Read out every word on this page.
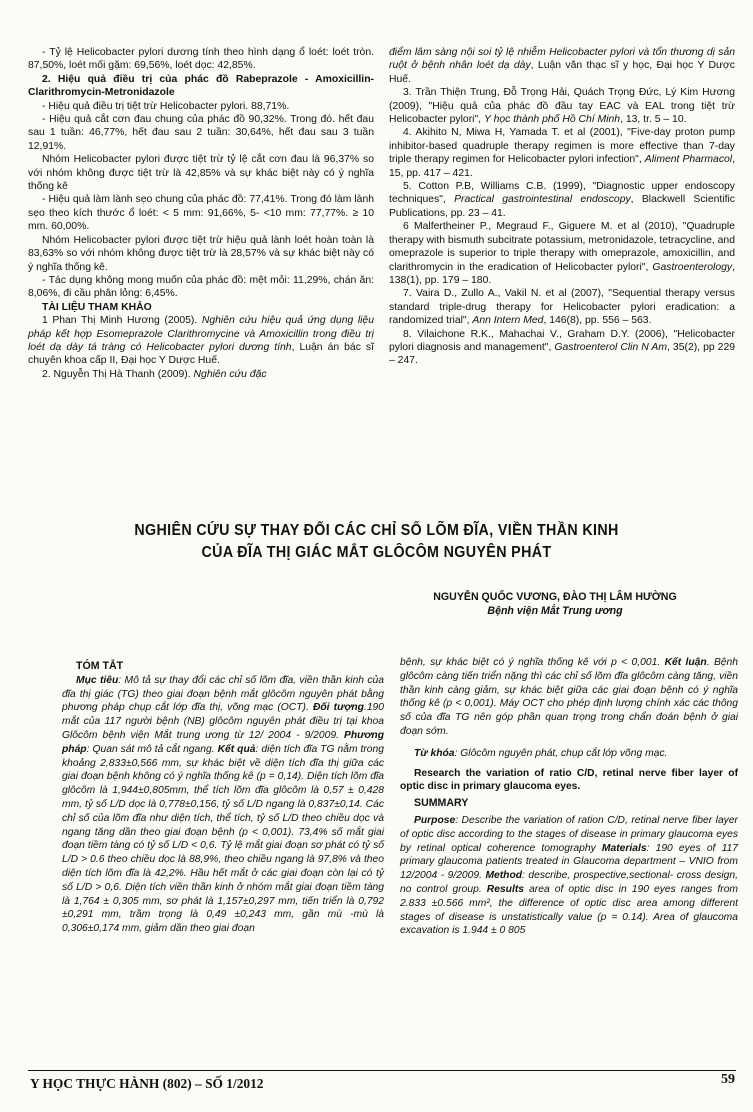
- Tỷ lệ Helicobacter pylori dương tính theo hình dạng ổ loét: loét tròn. 87,50%, loét mối gặm: 69,56%, loét dọc: 42,85%.

2. Hiệu quả điều trị của phác đồ Rabeprazole - Amoxicillin-Clarithromycin-Metronidazole

- Hiệu quả điều trị tiệt trừ Helicobacter pylori. 88,71%.

- Hiệu quả cắt cơn đau chung của phác đồ 90,32%. Trong đó. hết đau sau 1 tuần: 46,77%, hết đau sau 2 tuần: 30,64%, hết đau sau 3 tuần 12,91%.

Nhóm Helicobacter pylori được tiệt trừ tỷ lệ cắt cơn đau là 96,37% so với nhóm không được tiệt trừ là 42,85% và sự khác biệt này có ý nghĩa thống kê

- Hiệu quả làm lành sẹo chung của phác đồ: 77,41%. Trong đó làm lành sẹo theo kích thước ổ loét: < 5 mm: 91,66%, 5- <10 mm: 77,77%. ≥ 10 mm. 60,00%.

Nhóm Helicobacter pylori được tiệt trừ hiệu quả lành loét hoàn toàn là 83,63% so với nhóm không được tiệt trừ là 28,57% và sự khác biệt này có ý nghĩa thống kê.

- Tác dụng không mong muốn của phác đồ: mệt mỏi: 11,29%, chán ăn: 8,06%, đi cầu phân lỏng: 6,45%.

TÀI LIỆU THAM KHẢO

1 Phan Thị Minh Hương (2005). Nghiên cứu hiệu quả ứng dụng liệu pháp kết hợp Esomeprazole Clarithromycine và Amoxicillin trong điều trị loét dạ dày tá tràng có Helicobacter pylori dương tính, Luận án bác sĩ chuyên khoa cấp II, Đại học Y Dược Huế.

2. Nguyễn Thị Hà Thanh (2009). Nghiên cứu đặc

điểm lâm sàng nội soi tỷ lệ nhiễm Helicobacter pylori và tổn thương dị sản ruột ở bệnh nhân loét dạ dày, Luận văn thạc sĩ y học, Đại học Y Dược Huế.

3. Trần Thiện Trung, Đỗ Trọng Hải, Quách Trọng Đức, Lý Kim Hương (2009), "Hiệu quả của phác đồ đầu tay EAC và EAL trong tiệt trừ Helicobacter pylori", Y học thành phố Hồ Chí Minh, 13, tr. 5 – 10.

4. Akihito N, Miwa H, Yamada T. et al (2001), "Five-day proton pump inhibitor-based quadruple therapy regimen is more effective than 7-day triple therapy regimen for Helicobacter pylori infection", Aliment Pharmacol, 15, pp. 417 – 421.

5. Cotton P.B, Williams C.B. (1999), "Diagnostic upper endoscopy techniques", Practical gastrointestinal endoscopy, Blackwell Scientific Publications, pp. 23 – 41.

6 Malfertheiner P., Megraud F., Giguere M. et al (2010), "Quadruple therapy with bismuth subcitrate potassium, metronidazole, tetracycline, and omeprazole is superior to triple therapy with omeprazole, amoxicillin, and clarithromycin in the eradication of Helicobacter pylori", Gastroenterology, 138(1), pp. 179 – 180.

7. Vaira D., Zullo A., Vakil N. et al (2007), "Sequential therapy versus standard triple-drug therapy for Helicobacter pylori eradication: a randomized trial", Ann Intern Med, 146(8), pp. 556 – 563.

8. Vilaichone R.K., Mahachai V., Graham D.Y. (2006), "Helicobacter pylori diagnosis and management", Gastroenterol Clin N Am, 35(2), pp 229 – 247.

NGHIÊN CỨU SỰ THAY ĐỔI CÁC CHỈ SỐ LÕM ĐĨA, VIỀN THẦN KINH
CỦA ĐĨA THỊ GIÁC MẮT GLÔCÔM NGUYÊN PHÁT
NGUYỄN QUỐC VƯƠNG, ĐÀO THỊ LÂM HƯỜNG
Bệnh viện Mắt Trung ương

TÓM TẮT

Mục tiêu: Mô tả sự thay đổi các chỉ số lõm đĩa, viền thần kinh của đĩa thị giác (TG) theo giai đoạn bệnh mắt glôcôm nguyên phát bằng phương pháp chụp cắt lớp đĩa thị, võng mạc (OCT). Đối tượng.190 mắt của 117 người bệnh (NB) glôcôm nguyên phát điều trị tại khoa Glôcôm bệnh viện Mắt trung ương từ 12/ 2004 - 9/2009. Phương pháp: Quan sát mô tả cắt ngang. Kết quả: diện tích đĩa TG nằm trong khoảng 2,833±0,566 mm, sự khác biệt về diện tích đĩa thị giữa các giai đoạn bệnh không có ý nghĩa thống kê (p = 0,14). Diện tích lõm đĩa glôcôm là 1,944±0,805mm, thể tích lõm đĩa glôcôm là 0,57 ± 0,428 mm, tỷ số L/D dọc là 0,778±0,156, tỷ số L/D ngang là 0,837±0,14. Các chỉ số của lõm đĩa như diện tích, thể tích, tỷ số L/D theo chiều dọc và ngang tăng dần theo giai đoạn bệnh (p < 0,001). 73,4% số mắt giai đoạn tiềm tàng có tỷ số L/D < 0,6. Tỷ lệ mắt giai đoạn sơ phát có tỷ số L/D > 0.6 theo chiều dọc là 88,9%, theo chiều ngang là 97,8% và theo diện tích lõm đĩa là 42,2%. Hầu hết mắt ở các giai đoạn còn lại có tỷ số L/D > 0,6. Diện tích viền thần kinh ở nhóm mắt giai đoạn tiềm tàng là 1,764 ± 0,305 mm, sơ phát là 1,157±0,297 mm, tiến triển là 0,792 ±0,291 mm, trầm trọng là 0,49 ±0,243 mm, gần mù -mù là 0,306±0,174 mm, giảm dần theo giai đoạn

bệnh, sự khác biệt có ý nghĩa thống kê với p < 0,001. Kết luận. Bệnh glôcôm càng tiến triển nặng thì các chỉ số lõm đĩa glôcôm càng tăng, viền thần kinh càng giảm, sự khác biệt giữa các giai đoạn bệnh có ý nghĩa thống kê (p < 0,001). Máy OCT cho phép định lượng chính xác các thông số của đĩa TG nên góp phần quan trọng trong chẩn đoán bệnh ở giai đoạn sớm.

Từ khóa: Glôcôm nguyên phát, chụp cắt lớp võng mạc.

Research the variation of ratio C/D, retinal nerve fiber layer of optic disc in primary glaucoma eyes.

SUMMARY

Purpose: Describe the variation of ration C/D, retinal nerve fiber layer of optic disc according to the stages of disease in primary glaucoma eyes by retinal optical coherence tomography Materials: 190 eyes of 117 primary glaucoma patients treated in Glaucoma department – VNIO from 12/2004 - 9/2009. Method: describe, prospective,sectional- cross design, no control group. Results area of optic disc in 190 eyes ranges from 2.833 ±0.566 mm², the difference of optic disc area among different stages of disease is unstatistically value (p = 0.14). Area of glaucoma excavation is 1.944 ± 0 805

Y HỌC THỰC HÀNH (802) – SỐ 1/2012	59
